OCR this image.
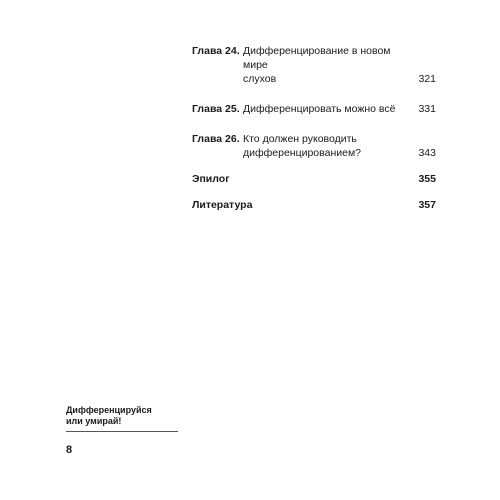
Глава 24. Дифференцирование в новом мире
слухов	321
Глава 25. Дифференцировать можно всё	331
Глава 26. Кто должен руководить
дифференцированием?	343
Эпилог	355
Литература	357
Дифференцируйся
или умирай!
8
